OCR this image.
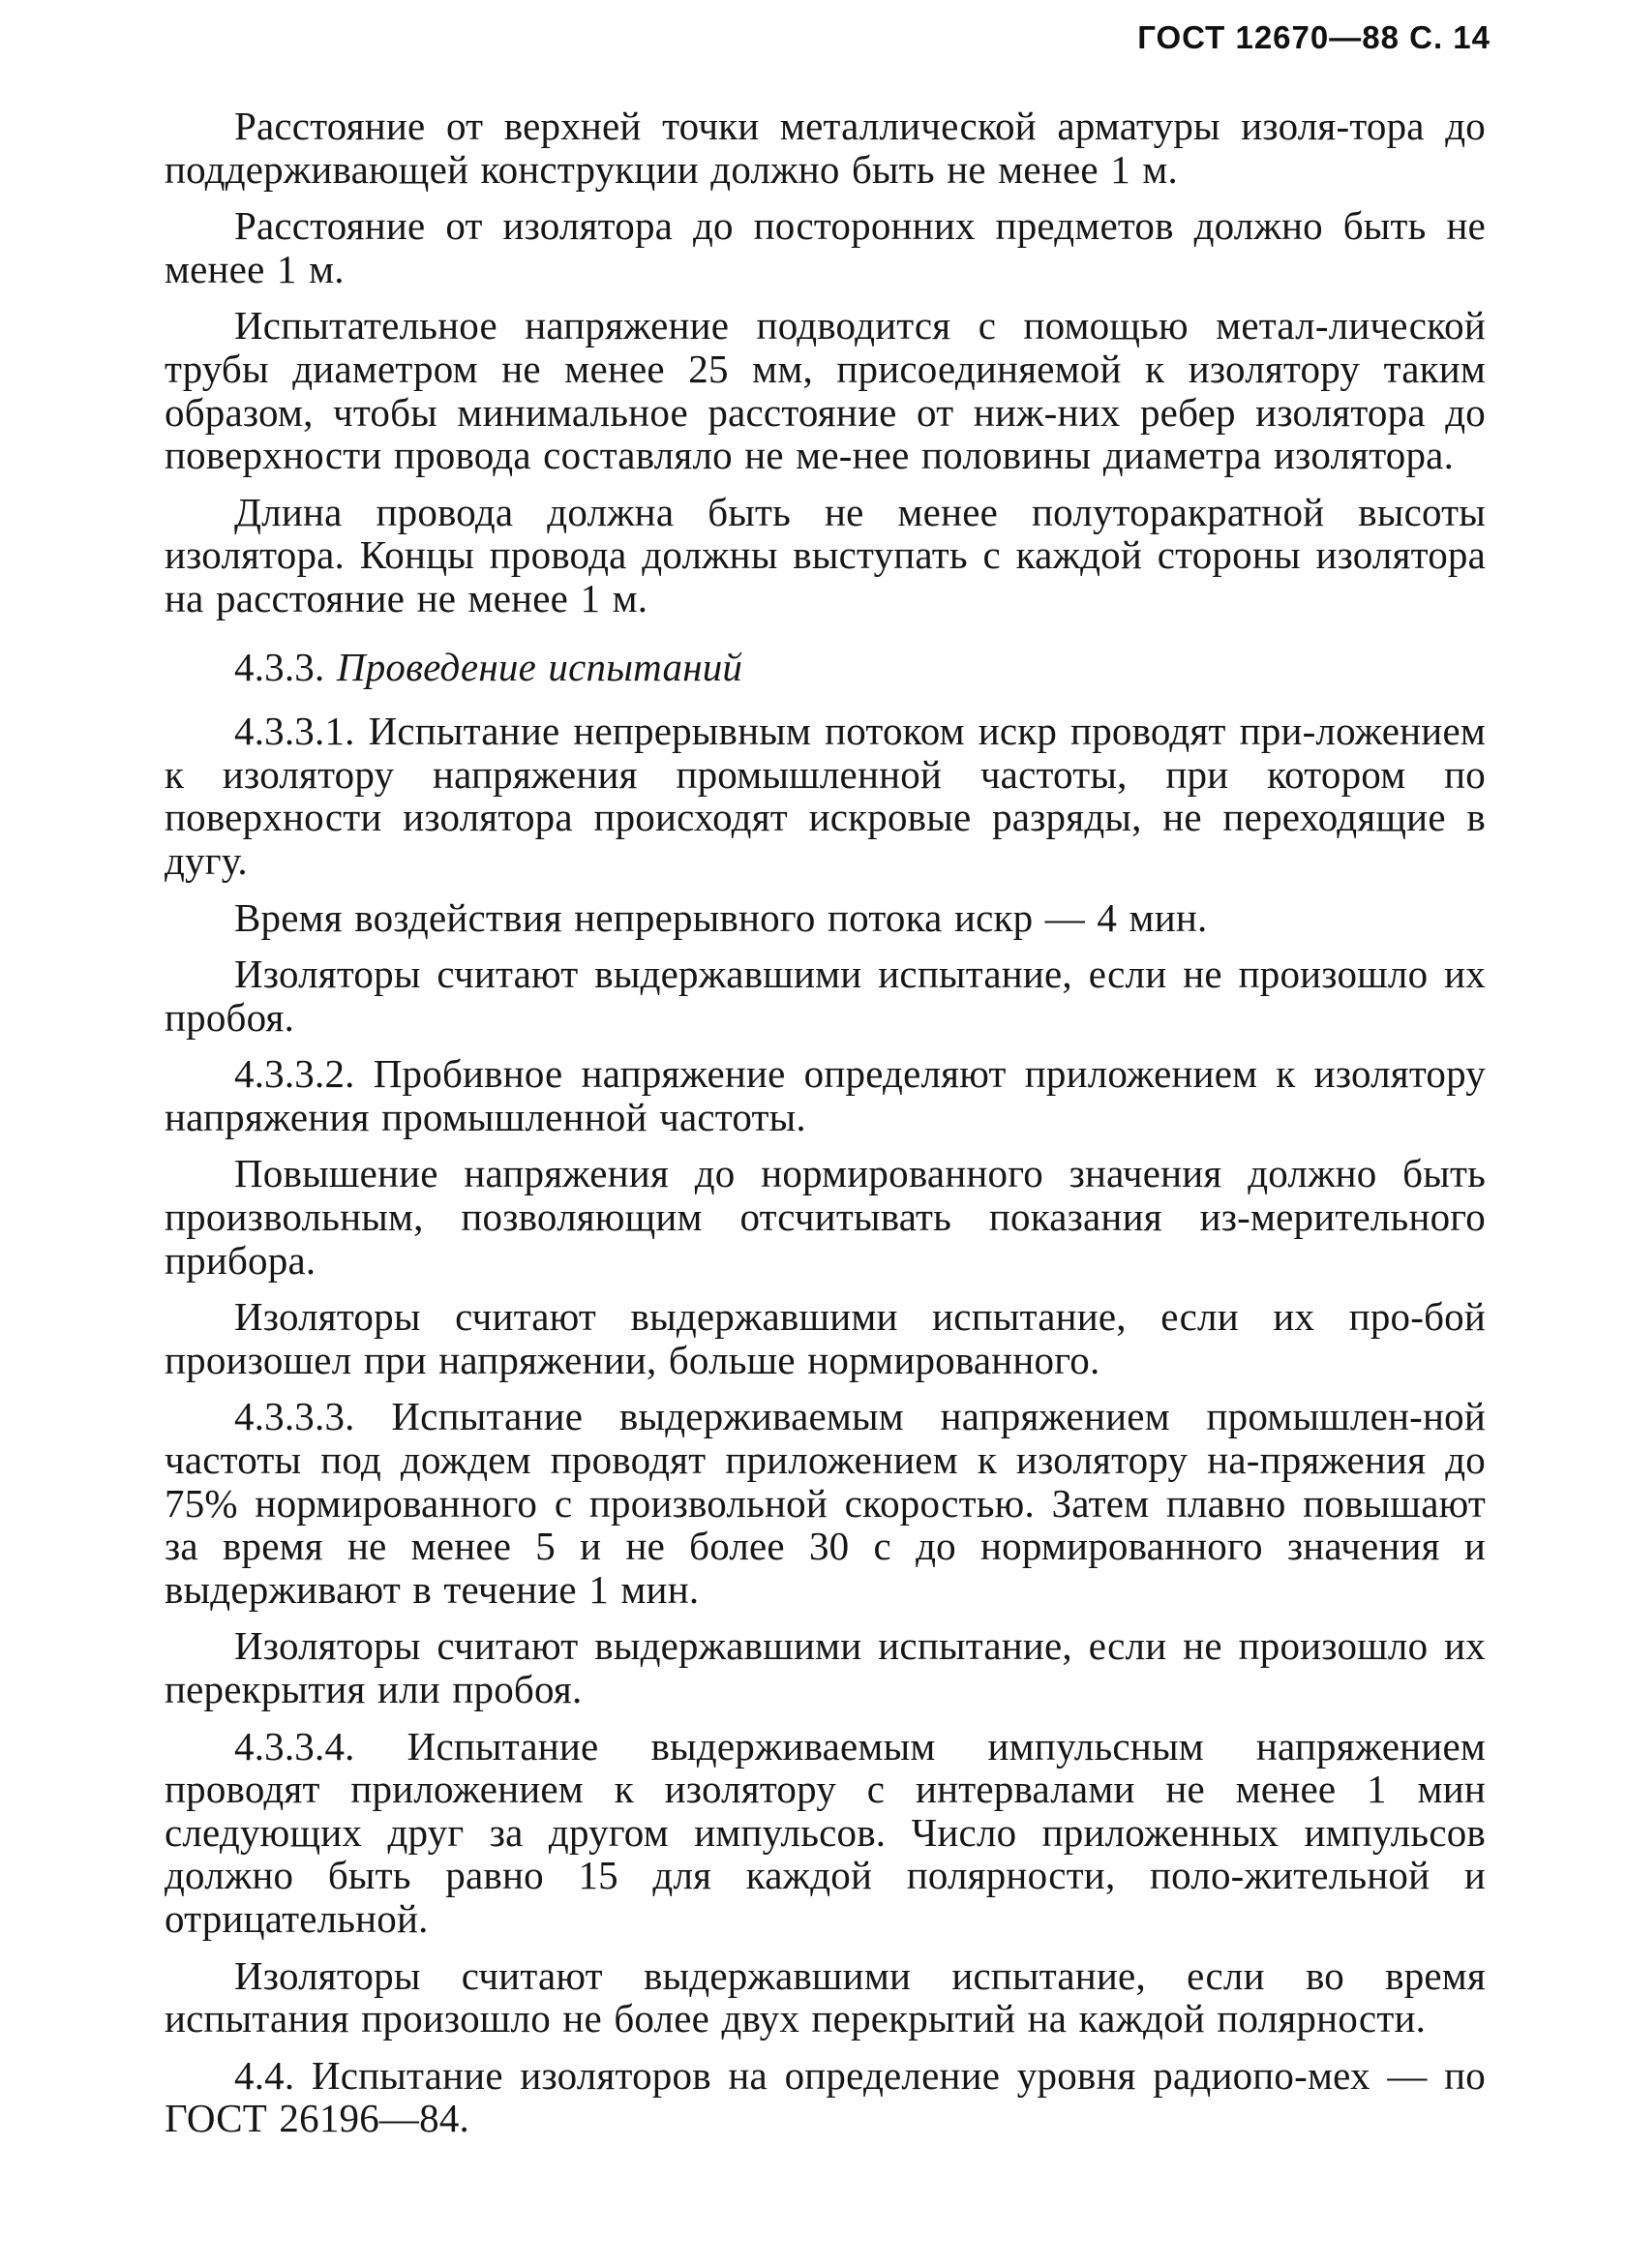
ГОСТ 12670—88 С. 14

Расстояние от верхней точки металлической арматуры изоля-тора до поддерживающей конструкции должно быть не менее 1 м.

Расстояние от изолятора до посторонних предметов должно быть не менее 1 м.

Испытательное напряжение подводится с помощью метал-лической трубы диаметром не менее 25 мм, присоединяемой к изолятору таким образом, чтобы минимальное расстояние от ниж-них ребер изолятора до поверхности провода составляло не ме-нее половины диаметра изолятора.

Длина провода должна быть не менее полуторакратной высоты изолятора. Концы провода должны выступать с каждой стороны изолятора на расстояние не менее 1 м.

4.3.3. Проведение испытаний

4.3.3.1. Испытание непрерывным потоком искр проводят при-ложением к изолятору напряжения промышленной частоты, при котором по поверхности изолятора происходят искровые разряды, не переходящие в дугу.

Время воздействия непрерывного потока искр — 4 мин.

Изоляторы считают выдержавшими испытание, если не произошло их пробоя.

4.3.3.2. Пробивное напряжение определяют приложением к изолятору напряжения промышленной частоты.

Повышение напряжения до нормированного значения должно быть произвольным, позволяющим отсчитывать показания из-мерительного прибора.

Изоляторы считают выдержавшими испытание, если их про-бой произошел при напряжении, больше нормированного.

4.3.3.3. Испытание выдерживаемым напряжением промышлен-ной частоты под дождем проводят приложением к изолятору на-пряжения до 75% нормированного с произвольной скоростью. Затем плавно повышают за время не менее 5 и не более 30 с до нормированного значения и выдерживают в течение 1 мин.

Изоляторы считают выдержавшими испытание, если не произошло их перекрытия или пробоя.

4.3.3.4. Испытание выдерживаемым импульсным напряжением проводят приложением к изолятору с интервалами не менее 1 мин следующих друг за другом импульсов. Число приложенных импульсов должно быть равно 15 для каждой полярности, поло-жительной и отрицательной.

Изоляторы считают выдержавшими испытание, если во время испытания произошло не более двух перекрытий на каждой полярности.

4.4. Испытание изоляторов на определение уровня радиопо-мех — по ГОСТ 26196—84.
